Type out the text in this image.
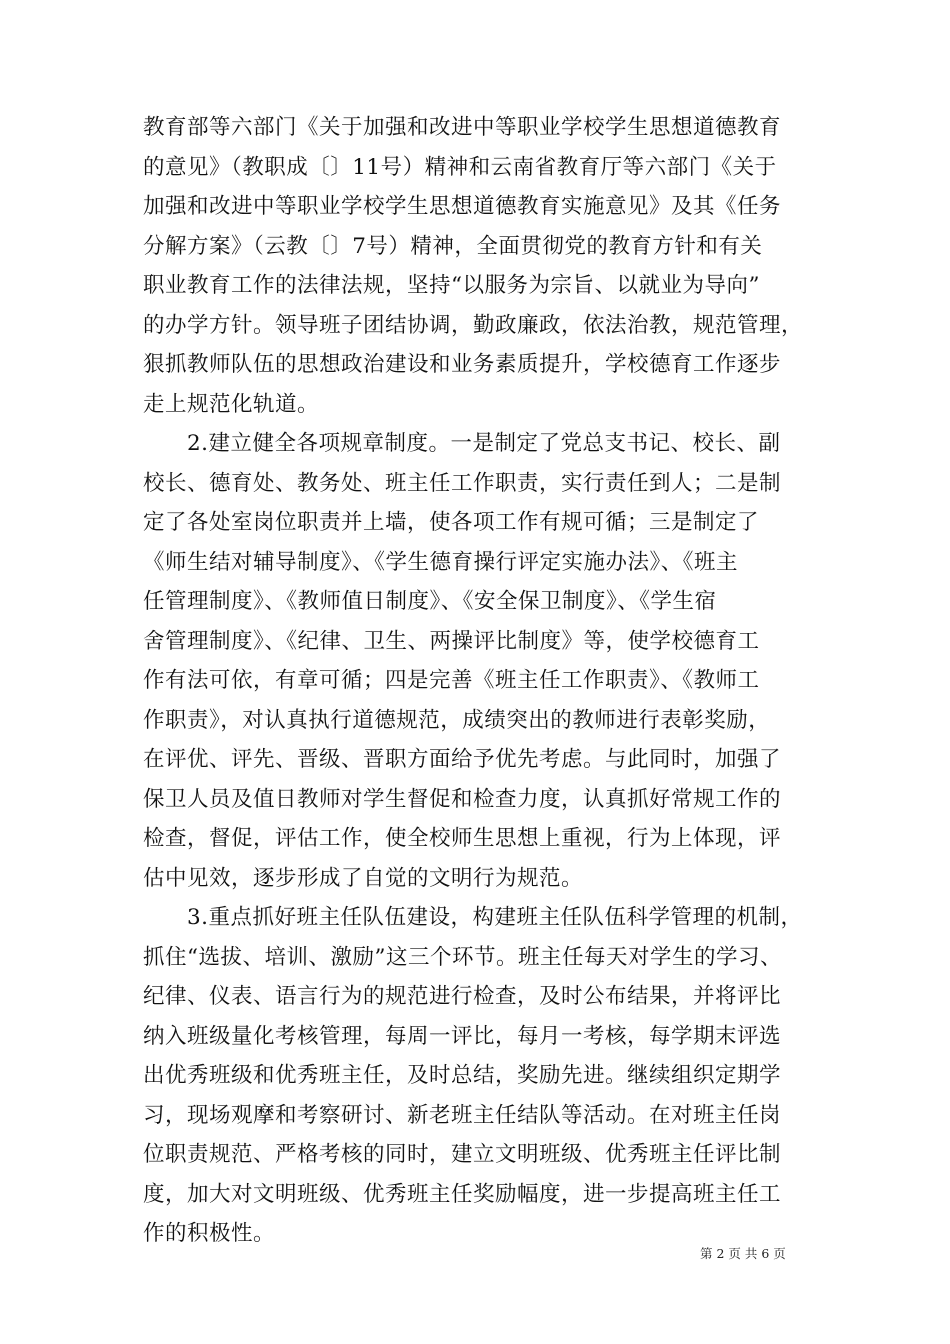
教育部等六部门《关于加强和改进中等职业学校学生思想道德教育
的意见》（教职成〔〕11号）精神和云南省教育厅等六部门《关于
加强和改进中等职业学校学生思想道德教育实施意见》及其《任务
分解方案》（云教〔〕7号）精神，全面贯彻党的教育方针和有关
职业教育工作的法律法规，坚持“以服务为宗旨、以就业为导向”
的办学方针。领导班子团结协调，勤政廉政，依法治教，规范管理，
狠抓教师队伍的思想政治建设和业务素质提升，学校德育工作逐步
走上规范化轨道。
2.建立健全各项规章制度。一是制定了党总支书记、校长、副
校长、德育处、教务处、班主任工作职责，实行责任到人；二是制
定了各处室岗位职责并上墙，使各项工作有规可循；三是制定了
《师生结对辅导制度》、《学生德育操行评定实施办法》、《班主
任管理制度》、《教师值日制度》、《安全保卫制度》、《学生宿
舍管理制度》、《纪律、卫生、两操评比制度》等，使学校德育工
作有法可依，有章可循；四是完善《班主任工作职责》、《教师工
作职责》，对认真执行道德规范，成绩突出的教师进行表彰奖励，
在评优、评先、晋级、晋职方面给予优先考虑。与此同时，加强了
保卫人员及值日教师对学生督促和检查力度，认真抓好常规工作的
检查，督促，评估工作，使全校师生思想上重视，行为上体现，评
估中见效，逐步形成了自觉的文明行为规范。
3.重点抓好班主任队伍建设，构建班主任队伍科学管理的机制，
抓住“选拔、培训、激励”这三个环节。班主任每天对学生的学习、
纪律、仪表、语言行为的规范进行检查，及时公布结果，并将评比
纳入班级量化考核管理，每周一评比，每月一考核，每学期末评选
出优秀班级和优秀班主任，及时总结，奖励先进。继续组织定期学
习，现场观摩和考察研讨、新老班主任结队等活动。在对班主任岗
位职责规范、严格考核的同时，建立文明班级、优秀班主任评比制
度，加大对文明班级、优秀班主任奖励幅度，进一步提高班主任工
作的积极性。
第 2 页 共 6 页
